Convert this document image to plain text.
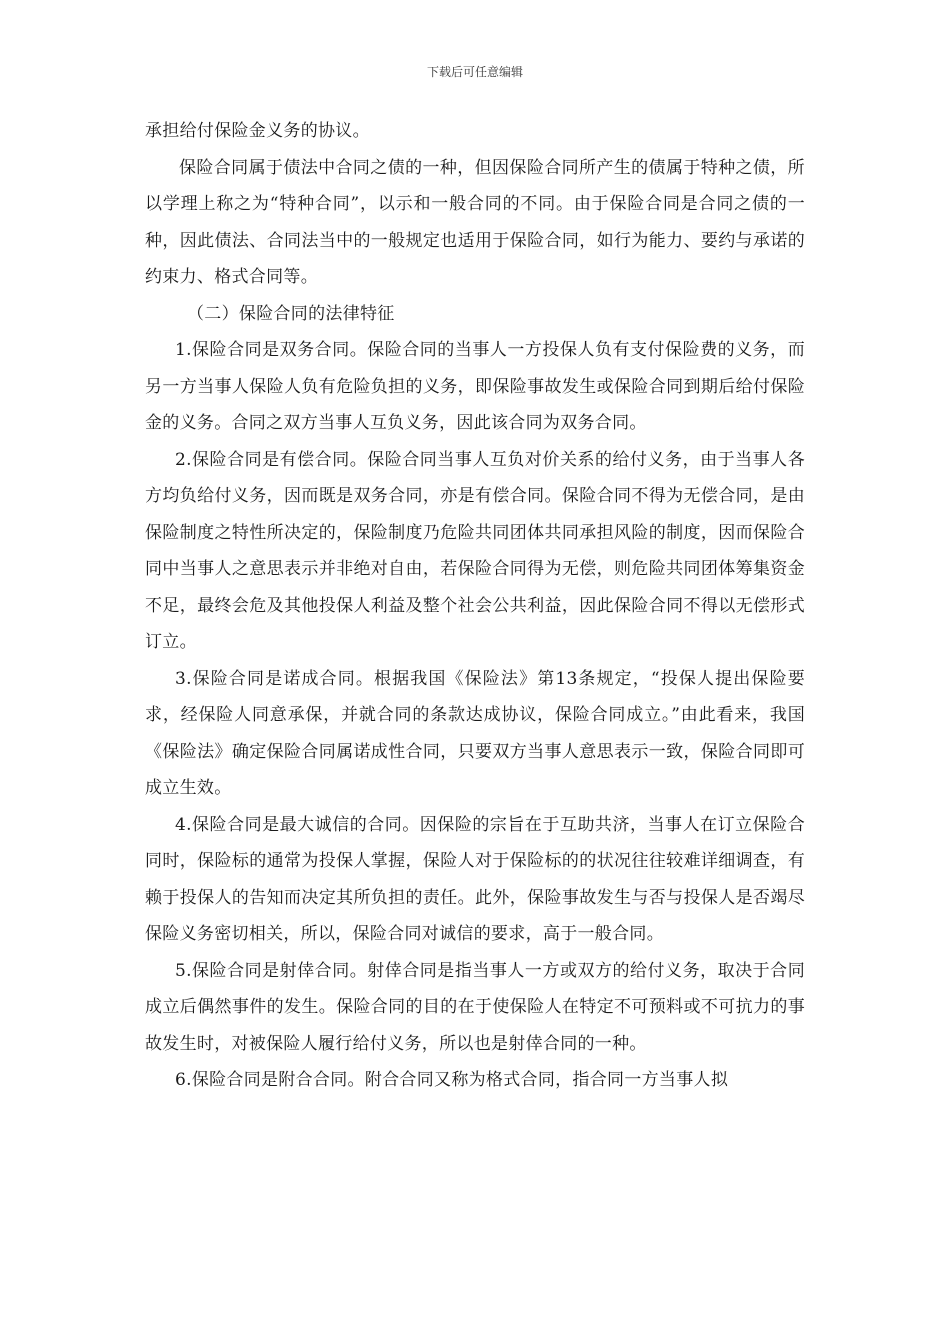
下载后可任意编辑

承担给付保险金义务的协议。

保险合同属于债法中合同之债的一种，但因保险合同所产生的债属于特种之债，所以学理上称之为“特种合同”，以示和一般合同的不同。由于保险合同是合同之债的一种，因此债法、合同法当中的一般规定也适用于保险合同，如行为能力、要约与承诺的约束力、格式合同等。

（二）保险合同的法律特征

1.保险合同是双务合同。保险合同的当事人一方投保人负有支付保险费的义务，而另一方当事人保险人负有危险负担的义务，即保险事故发生或保险合同到期后给付保险金的义务。合同之双方当事人互负义务，因此该合同为双务合同。

2.保险合同是有偿合同。保险合同当事人互负对价关系的给付义务，由于当事人各方均负给付义务，因而既是双务合同，亦是有偿合同。保险合同不得为无偿合同，是由保险制度之特性所决定的，保险制度乃危险共同团体共同承担风险的制度，因而保险合同中当事人之意思表示并非绝对自由，若保险合同得为无偿，则危险共同团体筹集资金不足，最终会危及其他投保人利益及整个社会公共利益，因此保险合同不得以无偿形式订立。

3.保险合同是诺成合同。根据我国《保险法》第13条规定，“投保人提出保险要求，经保险人同意承保，并就合同的条款达成协议，保险合同成立。”由此看来，我国《保险法》确定保险合同属诺成性合同，只要双方当事人意思表示一致，保险合同即可成立生效。

4.保险合同是最大诚信的合同。因保险的宗旨在于互助共济，当事人在订立保险合同时，保险标的通常为投保人掌握，保险人对于保险标的的状况往往较难详细调查，有赖于投保人的告知而决定其所负担的责任。此外，保险事故发生与否与投保人是否竭尽保险义务密切相关，所以，保险合同对诚信的要求，高于一般合同。

5.保险合同是射倖合同。射倖合同是指当事人一方或双方的给付义务，取决于合同成立后偶然事件的发生。保险合同的目的在于使保险人在特定不可预料或不可抗力的事故发生时，对被保险人履行给付义务，所以也是射倖合同的一种。

6.保险合同是附合合同。附合合同又称为格式合同，指合同一方当事人拟
